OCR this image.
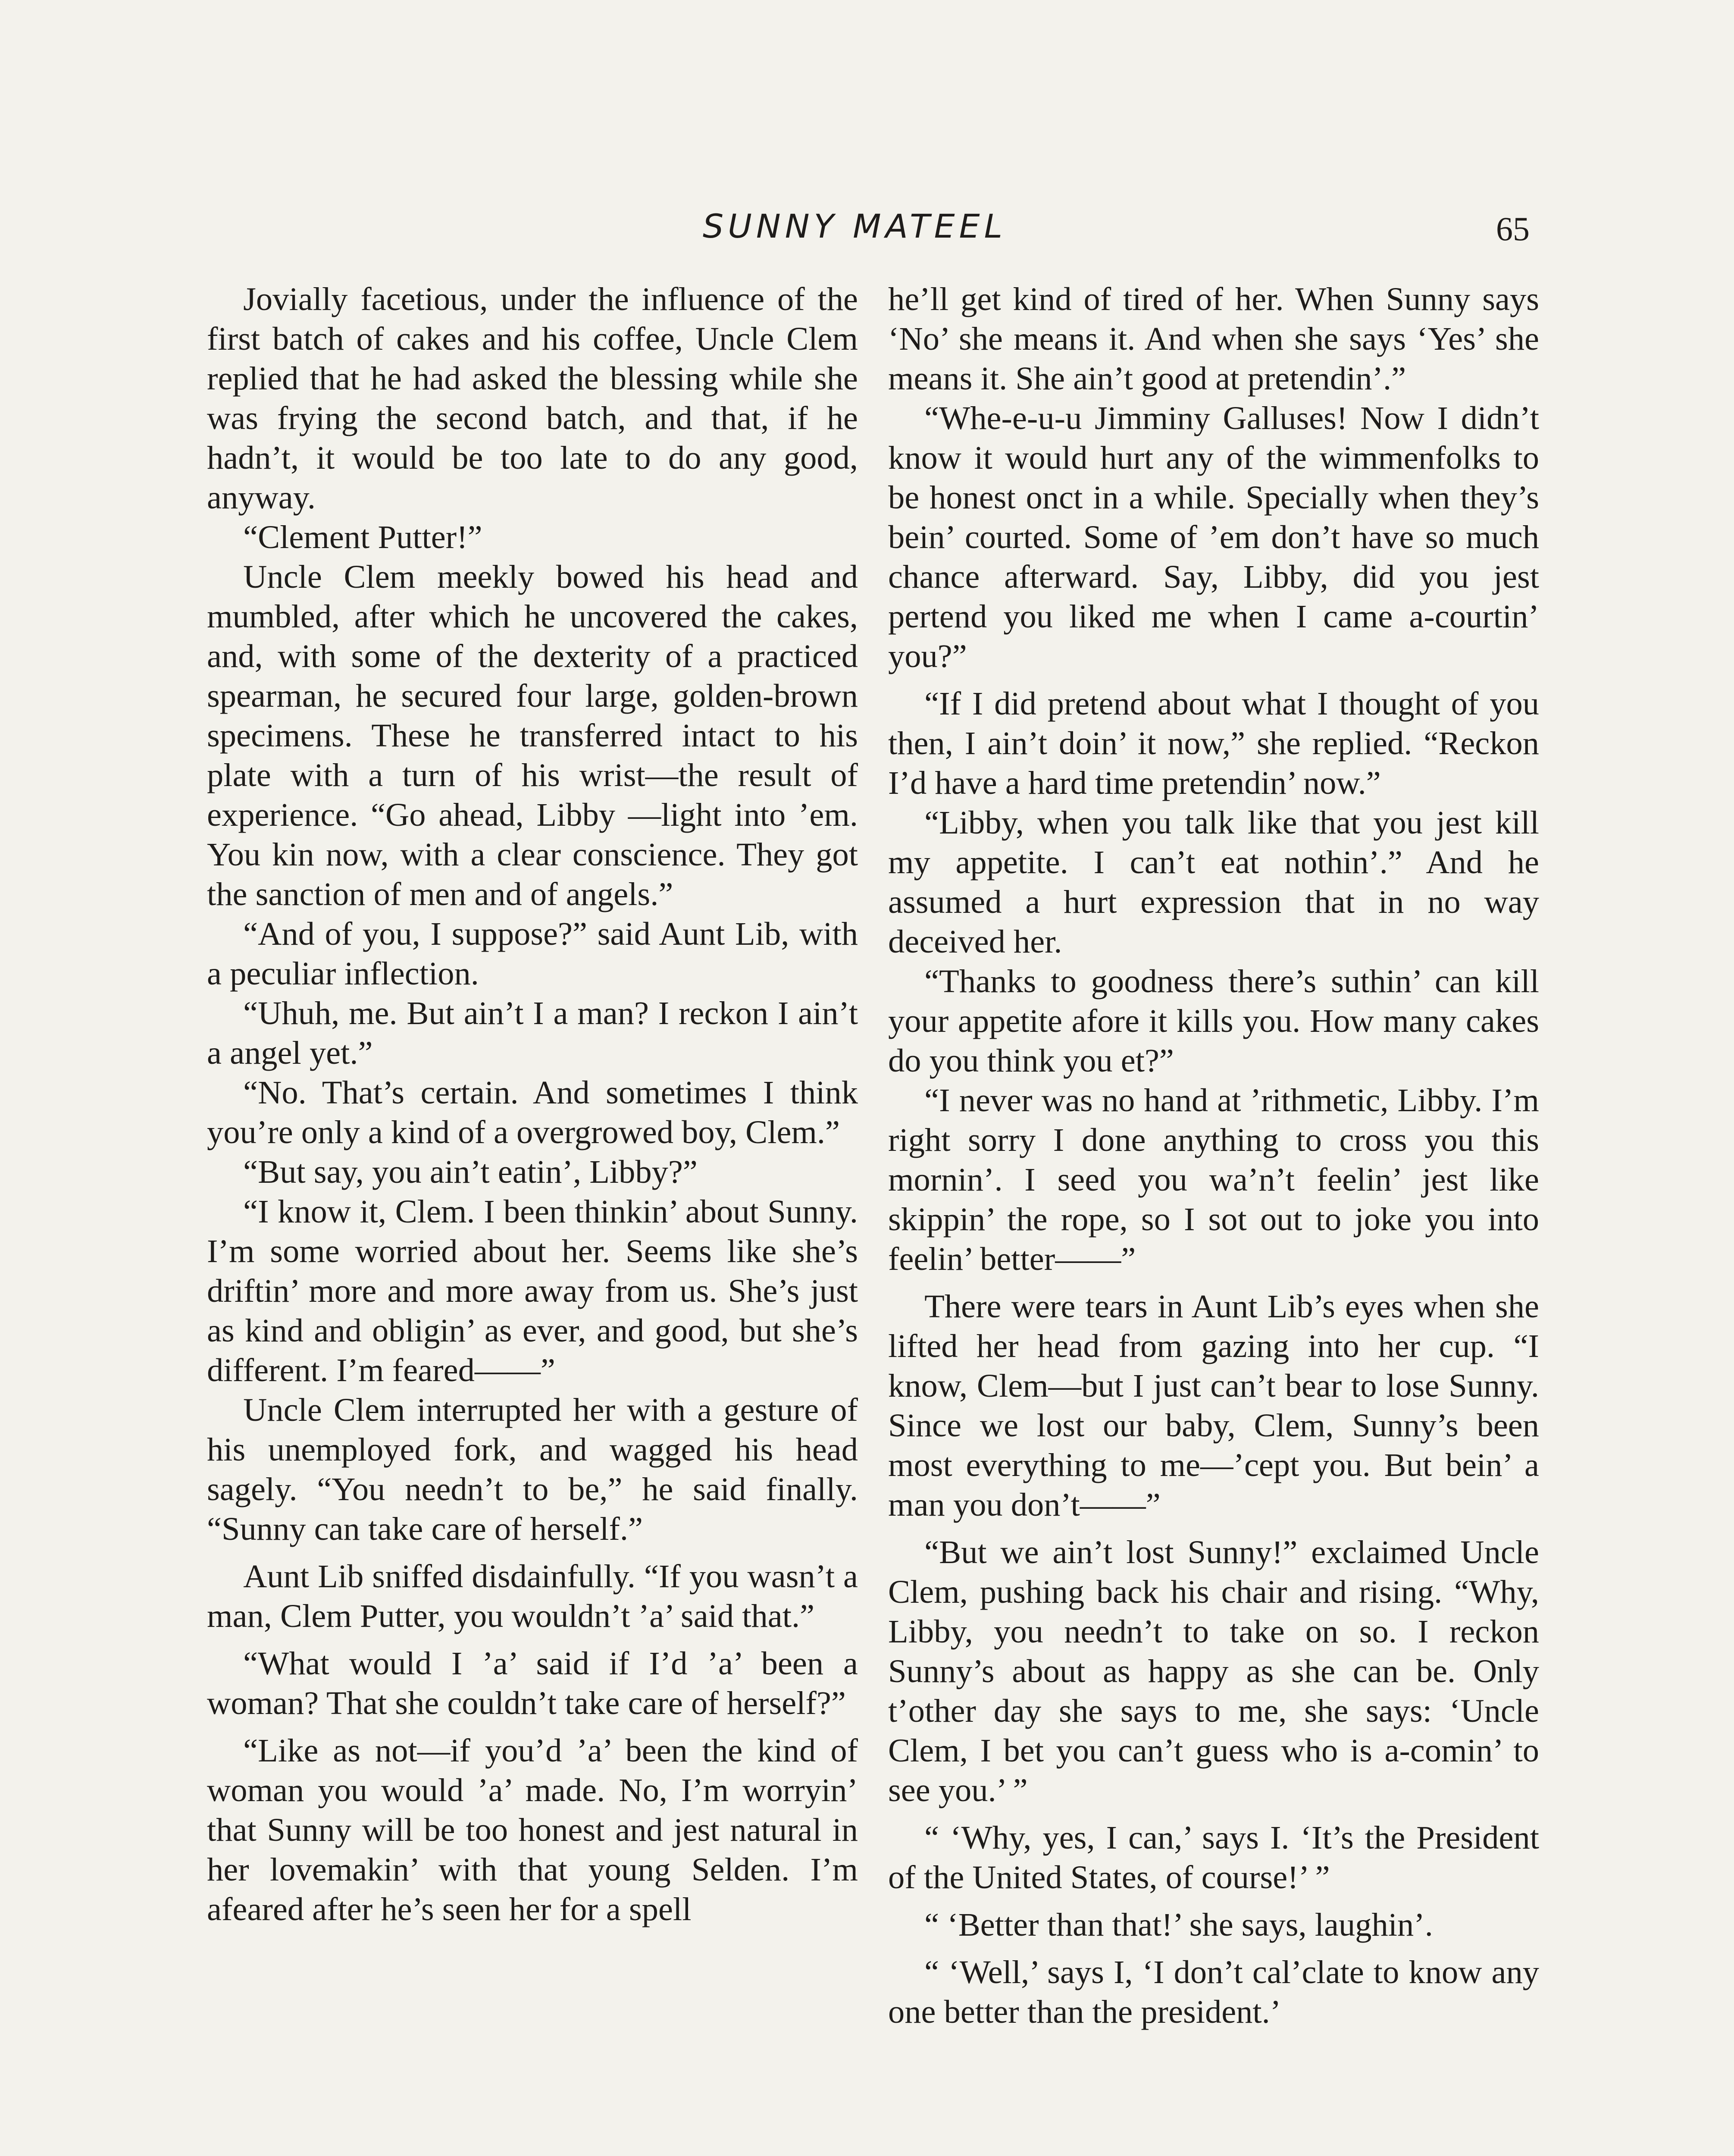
SUNNY MATEEL	65

Jovially facetious, under the influence of the first batch of cakes and his coffee, Uncle Clem replied that he had asked the blessing while she was frying the second batch, and that, if he hadn’t, it would be too late to do any good, anyway.

“Clement Putter!”

Uncle Clem meekly bowed his head and mumbled, after which he uncovered the cakes, and, with some of the dexterity of a practiced spearman, he secured four large, golden-brown specimens. These he transferred intact to his plate with a turn of his wrist—the result of experience. “Go ahead, Libby —light into ’em. You kin now, with a clear conscience. They got the sanction of men and of angels.”

“And of you, I suppose?” said Aunt Lib, with a peculiar inflection.

“Uhuh, me. But ain’t I a man? I reckon I ain’t a angel yet.”

“No. That’s certain. And sometimes I think you’re only a kind of a overgrowed boy, Clem.”

“But say, you ain’t eatin’, Libby?”

“I know it, Clem. I been thinkin’ about Sunny. I’m some worried about her. Seems like she’s driftin’ more and more away from us. She’s just as kind and obligin’ as ever, and good, but she’s different. I’m feared——”

Uncle Clem interrupted her with a gesture of his unemployed fork, and wagged his head sagely. “You needn’t to be,” he said finally. “Sunny can take care of herself.”

Aunt Lib sniffed disdainfully. “If you wasn’t a man, Clem Putter, you wouldn’t ’a’ said that.”

“What would I ’a’ said if I’d ’a’ been a woman? That she couldn’t take care of herself?”

“Like as not—if you’d ’a’ been the kind of woman you would ’a’ made. No, I’m worryin’ that Sunny will be too honest and jest natural in her lovemakin’ with that young Selden. I’m afeared after he’s seen her for a spell

he’ll get kind of tired of her. When Sunny says ‘No’ she means it. And when she says ‘Yes’ she means it. She ain’t good at pretendin’.”

“Whe-e-u-u Jimminy Galluses! Now I didn’t know it would hurt any of the wimmenfolks to be honest onct in a while. Specially when they’s bein’ courted. Some of ’em don’t have so much chance afterward. Say, Libby, did you jest pertend you liked me when I came a-courtin’ you?”

“If I did pretend about what I thought of you then, I ain’t doin’ it now,” she replied. “Reckon I’d have a hard time pretendin’ now.”

“Libby, when you talk like that you jest kill my appetite. I can’t eat nothin’.” And he assumed a hurt expression that in no way deceived her.

“Thanks to goodness there’s suthin’ can kill your appetite afore it kills you. How many cakes do you think you et?”

“I never was no hand at ’rithmetic, Libby. I’m right sorry I done anything to cross you this mornin’. I seed you wa’n’t feelin’ jest like skippin’ the rope, so I sot out to joke you into feelin’ better——”

There were tears in Aunt Lib’s eyes when she lifted her head from gazing into her cup. “I know, Clem—but I just can’t bear to lose Sunny. Since we lost our baby, Clem, Sunny’s been most everything to me—’cept you. But bein’ a man you don’t——”

“But we ain’t lost Sunny!” exclaimed Uncle Clem, pushing back his chair and rising. “Why, Libby, you needn’t to take on so. I reckon Sunny’s about as happy as she can be. Only t’other day she says to me, she says: ‘Uncle Clem, I bet you can’t guess who is a-comin’ to see you.’ ”

“ ‘Why, yes, I can,’ says I. ‘It’s the President of the United States, of course!’ ”

“ ‘Better than that!’ she says, laughin’.

“ ‘Well,’ says I, ‘I don’t cal’clate to know any one better than the president.’
